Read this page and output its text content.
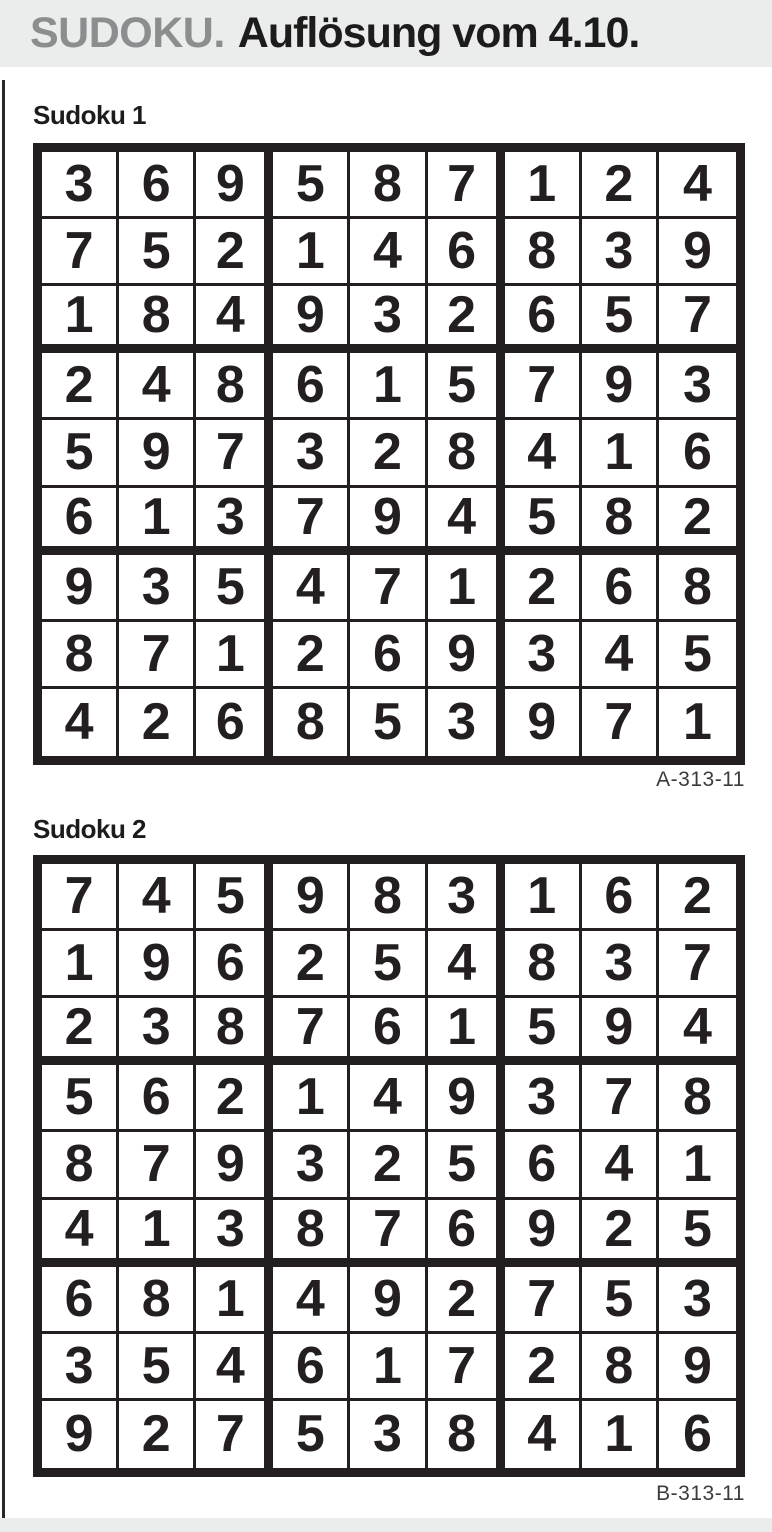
SUDOKU. Auflösung vom 4.10.
Sudoku 1
3 6 9 5 8 7 1 2 4
7 5 2 1 4 6 8 3 9
1 8 4 9 3 2 6 5 7
2 4 8 6 1 5 7 9 3
5 9 7 3 2 8 4 1 6
6 1 3 7 9 4 5 8 2
9 3 5 4 7 1 2 6 8
8 7 1 2 6 9 3 4 5
4 2 6 8 5 3 9 7 1
A-313-11
Sudoku 2
7 4 5 9 8 3 1 6 2
1 9 6 2 5 4 8 3 7
2 3 8 7 6 1 5 9 4
5 6 2 1 4 9 3 7 8
8 7 9 3 2 5 6 4 1
4 1 3 8 7 6 9 2 5
6 8 1 4 9 2 7 5 3
3 5 4 6 1 7 2 8 9
9 2 7 5 3 8 4 1 6
B-313-11
